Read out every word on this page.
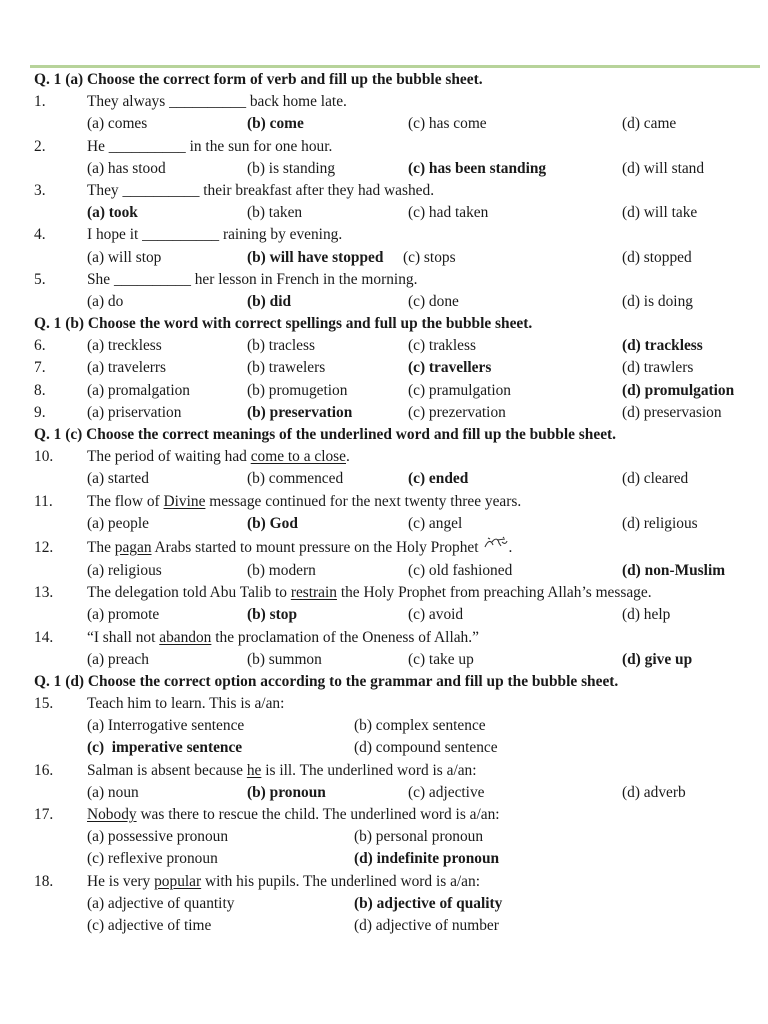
Q. 1 (a) Choose the correct form of verb and fill up the bubble sheet.
1.	They always __________ back home late.
(a) comes	(b) come	(c) has come	(d) came
2.	He __________ in the sun for one hour.
(a) has stood	(b) is standing	(c) has been standing	(d) will stand
3.	They __________ their breakfast after they had washed.
(a) took	(b) taken	(c) had taken	(d) will take
4.	I hope it __________ raining by evening.
(a) will stop	(b) will have stopped (c) stops	(d) stopped
5.	She __________ her lesson in French in the morning.
(a) do	(b) did	(c) done	(d) is doing
Q. 1 (b) Choose the word with correct spellings and full up the bubble sheet.
6.	(a) treckless	(b) tracless	(c) trakless	(d) trackless
7.	(a) travelerrs	(b) trawelers	(c) travellers	(d) trawlers
8.	(a) promalgation	(b) promugetion	(c) pramulgation	(d) promulgation
9.	(a) priservation	(b) preservation	(c) prezervation	(d) preservasion
Q. 1 (c) Choose the correct meanings of the underlined word and fill up the bubble sheet.
10. The period of waiting had come to a close.
(a) started	(b) commenced	(c) ended	(d) cleared
11. The flow of Divine message continued for the next twenty three years.
(a) people	(b) God	(c) angel	(d) religious
12. The pagan Arabs started to mount pressure on the Holy Prophet .
(a) religious	(b) modern	(c) old fashioned	(d) non-Muslim
13. The delegation told Abu Talib to restrain the Holy Prophet from preaching Allah’s message.
(a) promote	(b) stop	(c) avoid	(d) help
14. “I shall not abandon the proclamation of the Oneness of Allah.”
(a) preach	(b) summon	(c) take up	(d) give up
Q. 1 (d) Choose the correct option according to the grammar and fill up the bubble sheet.
15. Teach him to learn. This is a/an:
(a) Interrogative sentence	(b) complex sentence
(c)  imperative sentence	(d) compound sentence
16. Salman is absent because he is ill. The underlined word is a/an:
(a) noun	(b) pronoun	(c) adjective	(d) adverb
17. Nobody was there to rescue the child. The underlined word is a/an:
(a) possessive pronoun	(b) personal pronoun
(c) reflexive pronoun	(d) indefinite pronoun
18. He is very popular with his pupils. The underlined word is a/an:
(a) adjective of quantity	(b) adjective of quality
(c) adjective of time	(d) adjective of number
